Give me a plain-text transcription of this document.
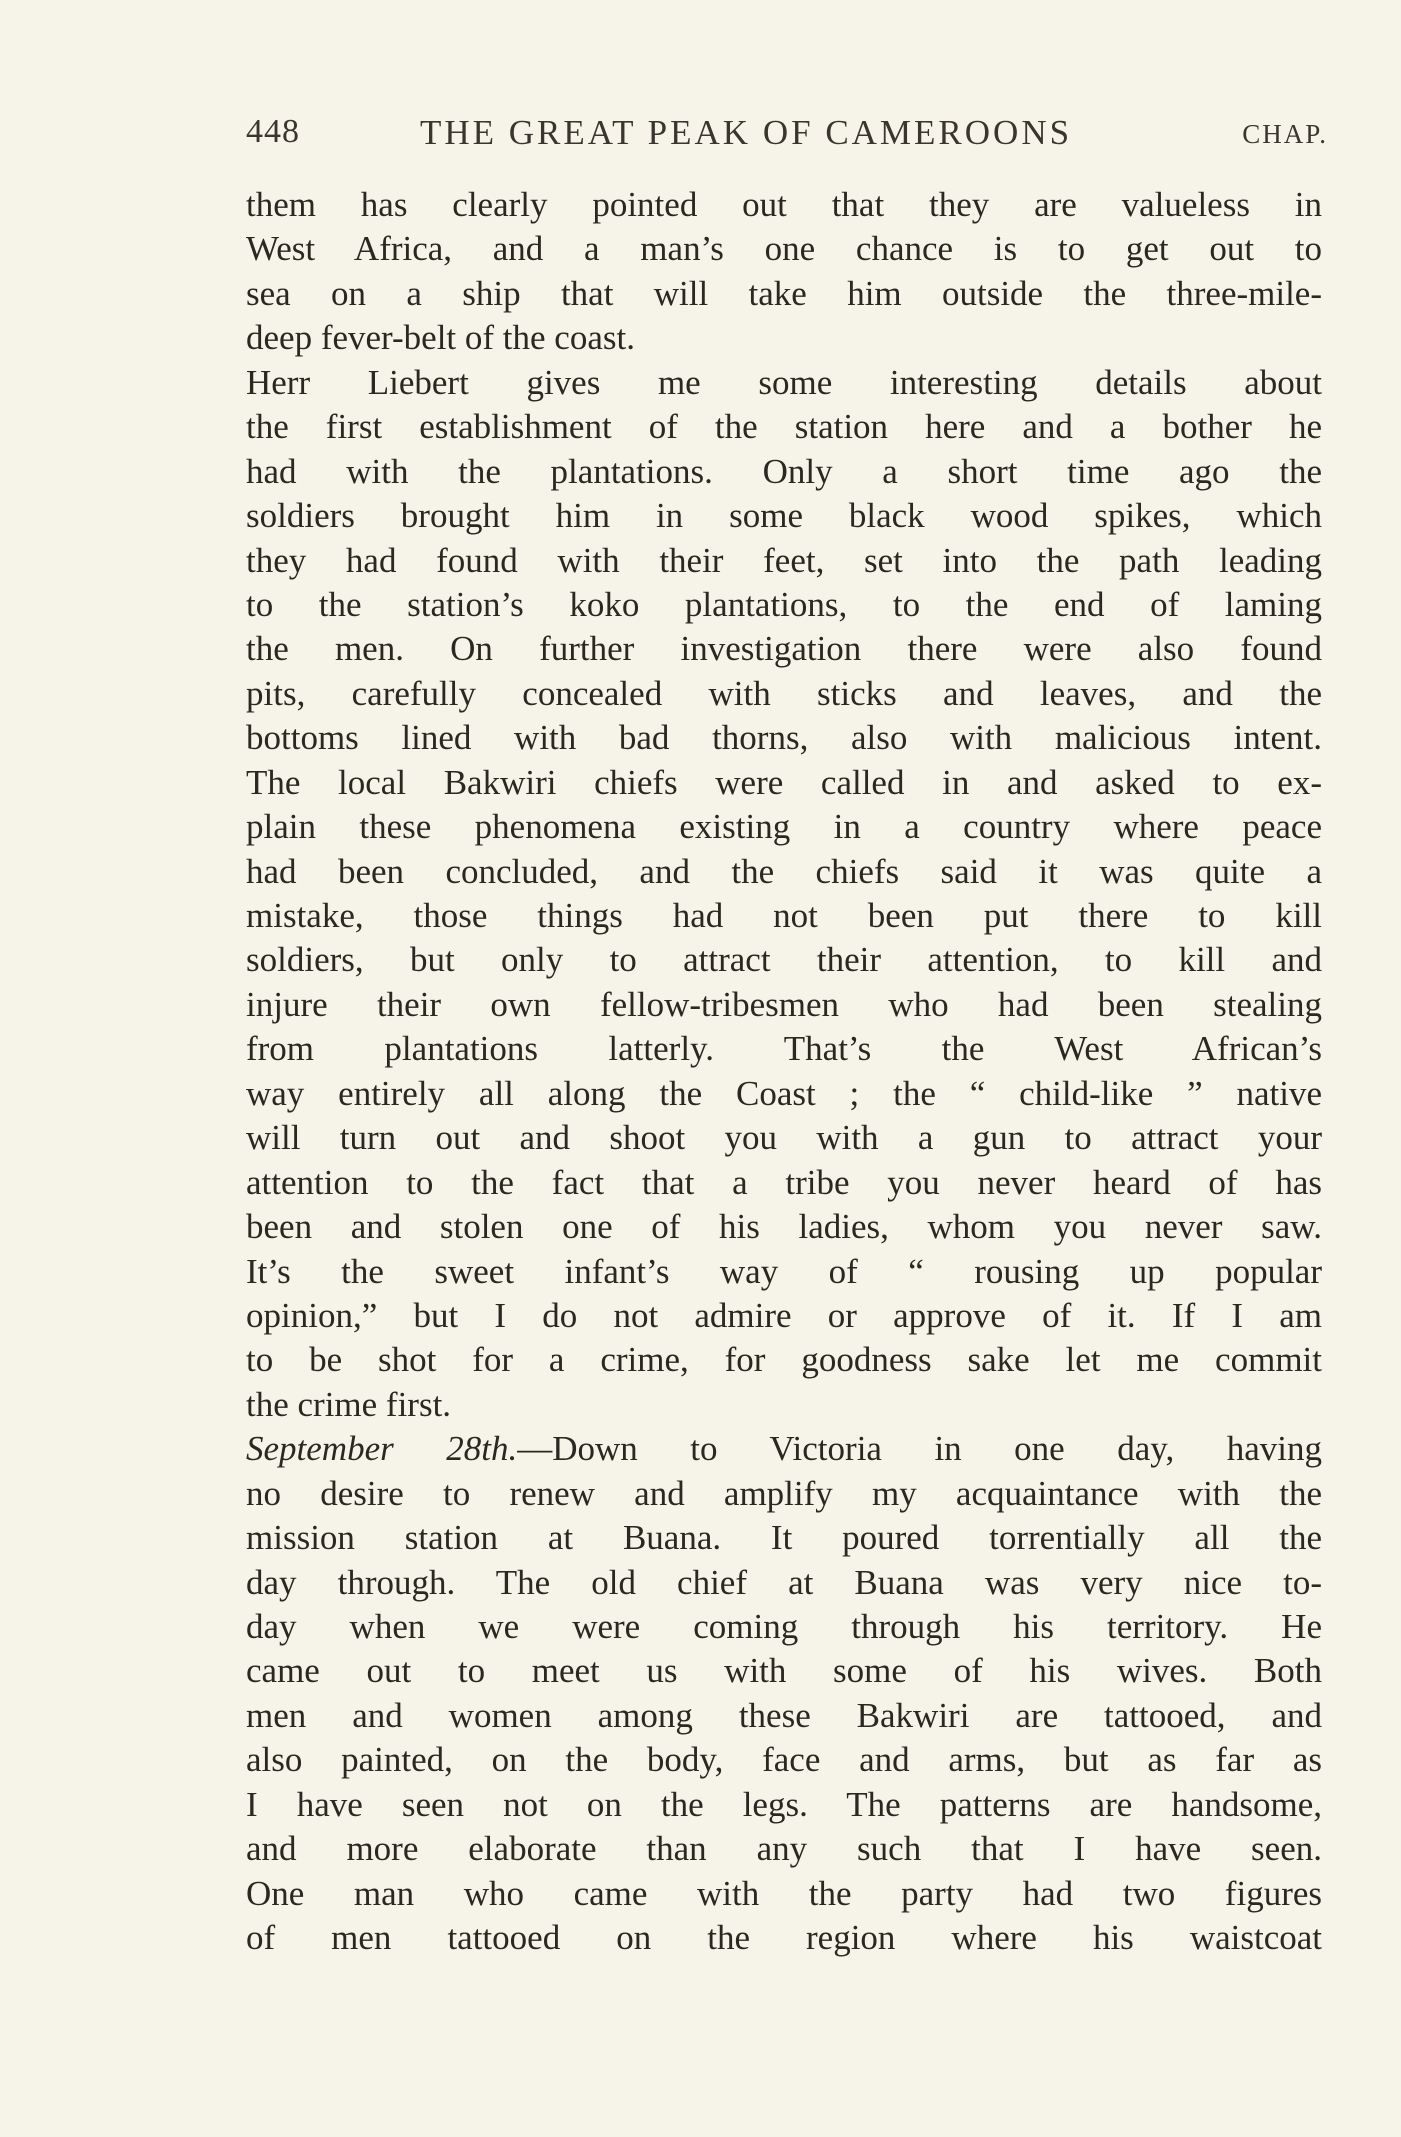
448	THE GREAT PEAK OF CAMEROONS	CHAP.
them has clearly pointed out that they are valueless in
West Africa, and a man’s one chance is to get out to
sea on a ship that will take him outside the three-mile-
deep fever-belt of the coast.
Herr Liebert gives me some interesting details about
the first establishment of the station here and a bother he
had with the plantations. Only a short time ago the
soldiers brought him in some black wood spikes, which
they had found with their feet, set into the path leading
to the station’s koko plantations, to the end of laming
the men. On further investigation there were also found
pits, carefully concealed with sticks and leaves, and the
bottoms lined with bad thorns, also with malicious intent.
The local Bakwiri chiefs were called in and asked to ex-
plain these phenomena existing in a country where peace
had been concluded, and the chiefs said it was quite a
mistake, those things had not been put there to kill
soldiers, but only to attract their attention, to kill and
injure their own fellow-tribesmen who had been stealing
from plantations latterly. That’s the West African’s
way entirely all along the Coast ; the “ child-like ” native
will turn out and shoot you with a gun to attract your
attention to the fact that a tribe you never heard of has
been and stolen one of his ladies, whom you never saw.
It’s the sweet infant’s way of “ rousing up popular
opinion,” but I do not admire or approve of it. If I am
to be shot for a crime, for goodness sake let me commit
the crime first.
September 28th.—Down to Victoria in one day, having
no desire to renew and amplify my acquaintance with the
mission station at Buana. It poured torrentially all the
day through. The old chief at Buana was very nice to-
day when we were coming through his territory. He
came out to meet us with some of his wives. Both
men and women among these Bakwiri are tattooed, and
also painted, on the body, face and arms, but as far as
I have seen not on the legs. The patterns are handsome,
and more elaborate than any such that I have seen.
One man who came with the party had two figures
of men tattooed on the region where his waistcoat
